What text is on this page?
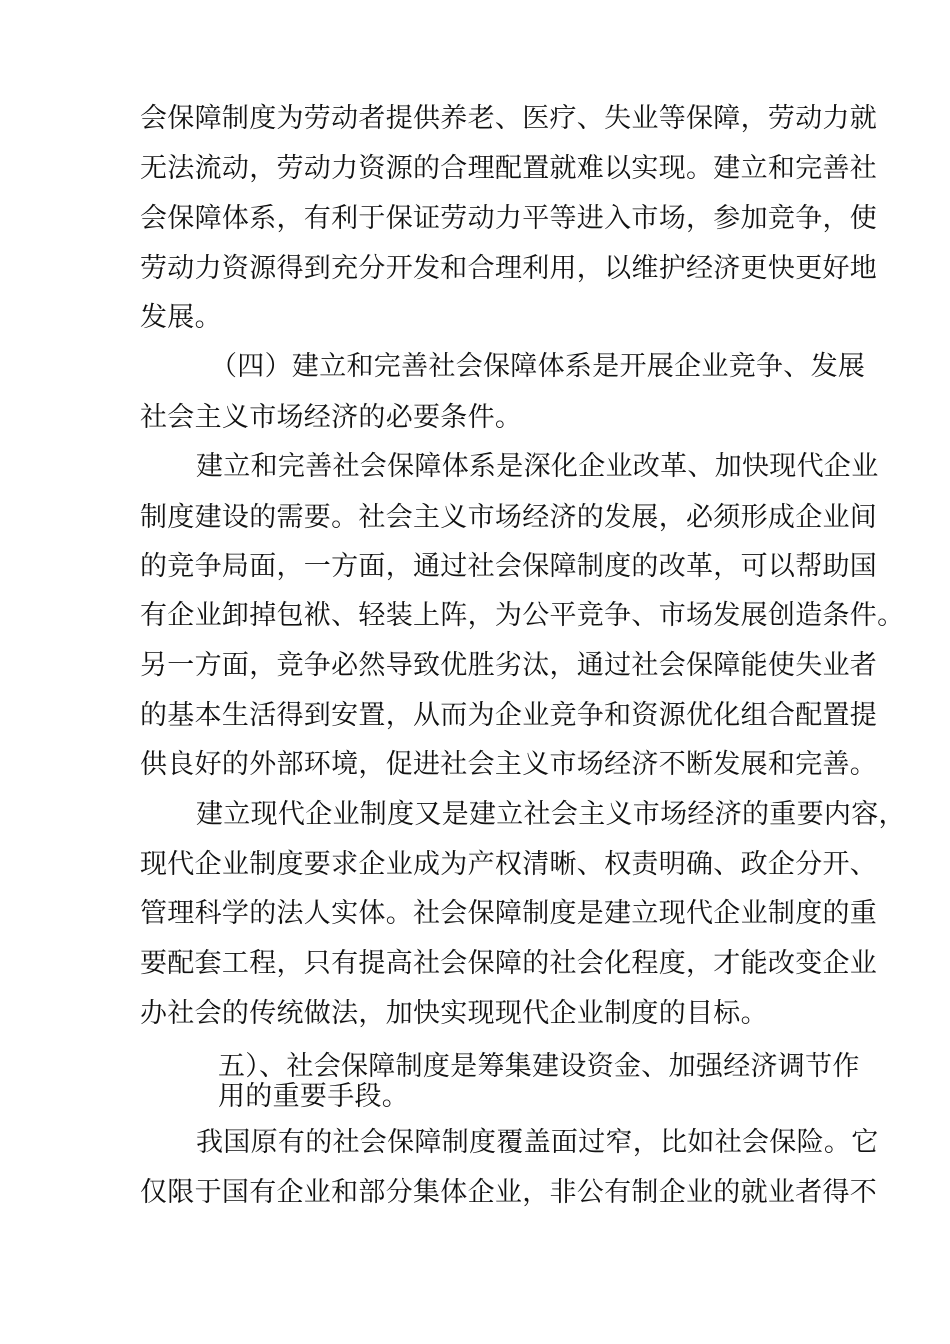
会保障制度为劳动者提供养老、医疗、失业等保障，劳动力就
无法流动，劳动力资源的合理配置就难以实现。建立和完善社
会保障体系，有利于保证劳动力平等进入市场，参加竞争，使
劳动力资源得到充分开发和合理利用，以维护经济更快更好地
发展。
（四）建立和完善社会保障体系是开展企业竞争、发展
社会主义市场经济的必要条件。
建立和完善社会保障体系是深化企业改革、加快现代企业
制度建设的需要。社会主义市场经济的发展，必须形成企业间
的竞争局面，一方面，通过社会保障制度的改革，可以帮助国
有企业卸掉包袱、轻装上阵，为公平竞争、市场发展创造条件。
另一方面，竞争必然导致优胜劣汰，通过社会保障能使失业者
的基本生活得到安置，从而为企业竞争和资源优化组合配置提
供良好的外部环境，促进社会主义市场经济不断发展和完善。
建立现代企业制度又是建立社会主义市场经济的重要内容，
现代企业制度要求企业成为产权清晰、权责明确、政企分开、
管理科学的法人实体。社会保障制度是建立现代企业制度的重
要配套工程，只有提高社会保障的社会化程度，才能改变企业
办社会的传统做法，加快实现现代企业制度的目标。
五）、社会保障制度是筹集建设资金、加强经济调节作
用的重要手段。
我国原有的社会保障制度覆盖面过窄，比如社会保险。它
仅限于国有企业和部分集体企业，非公有制企业的就业者得不
